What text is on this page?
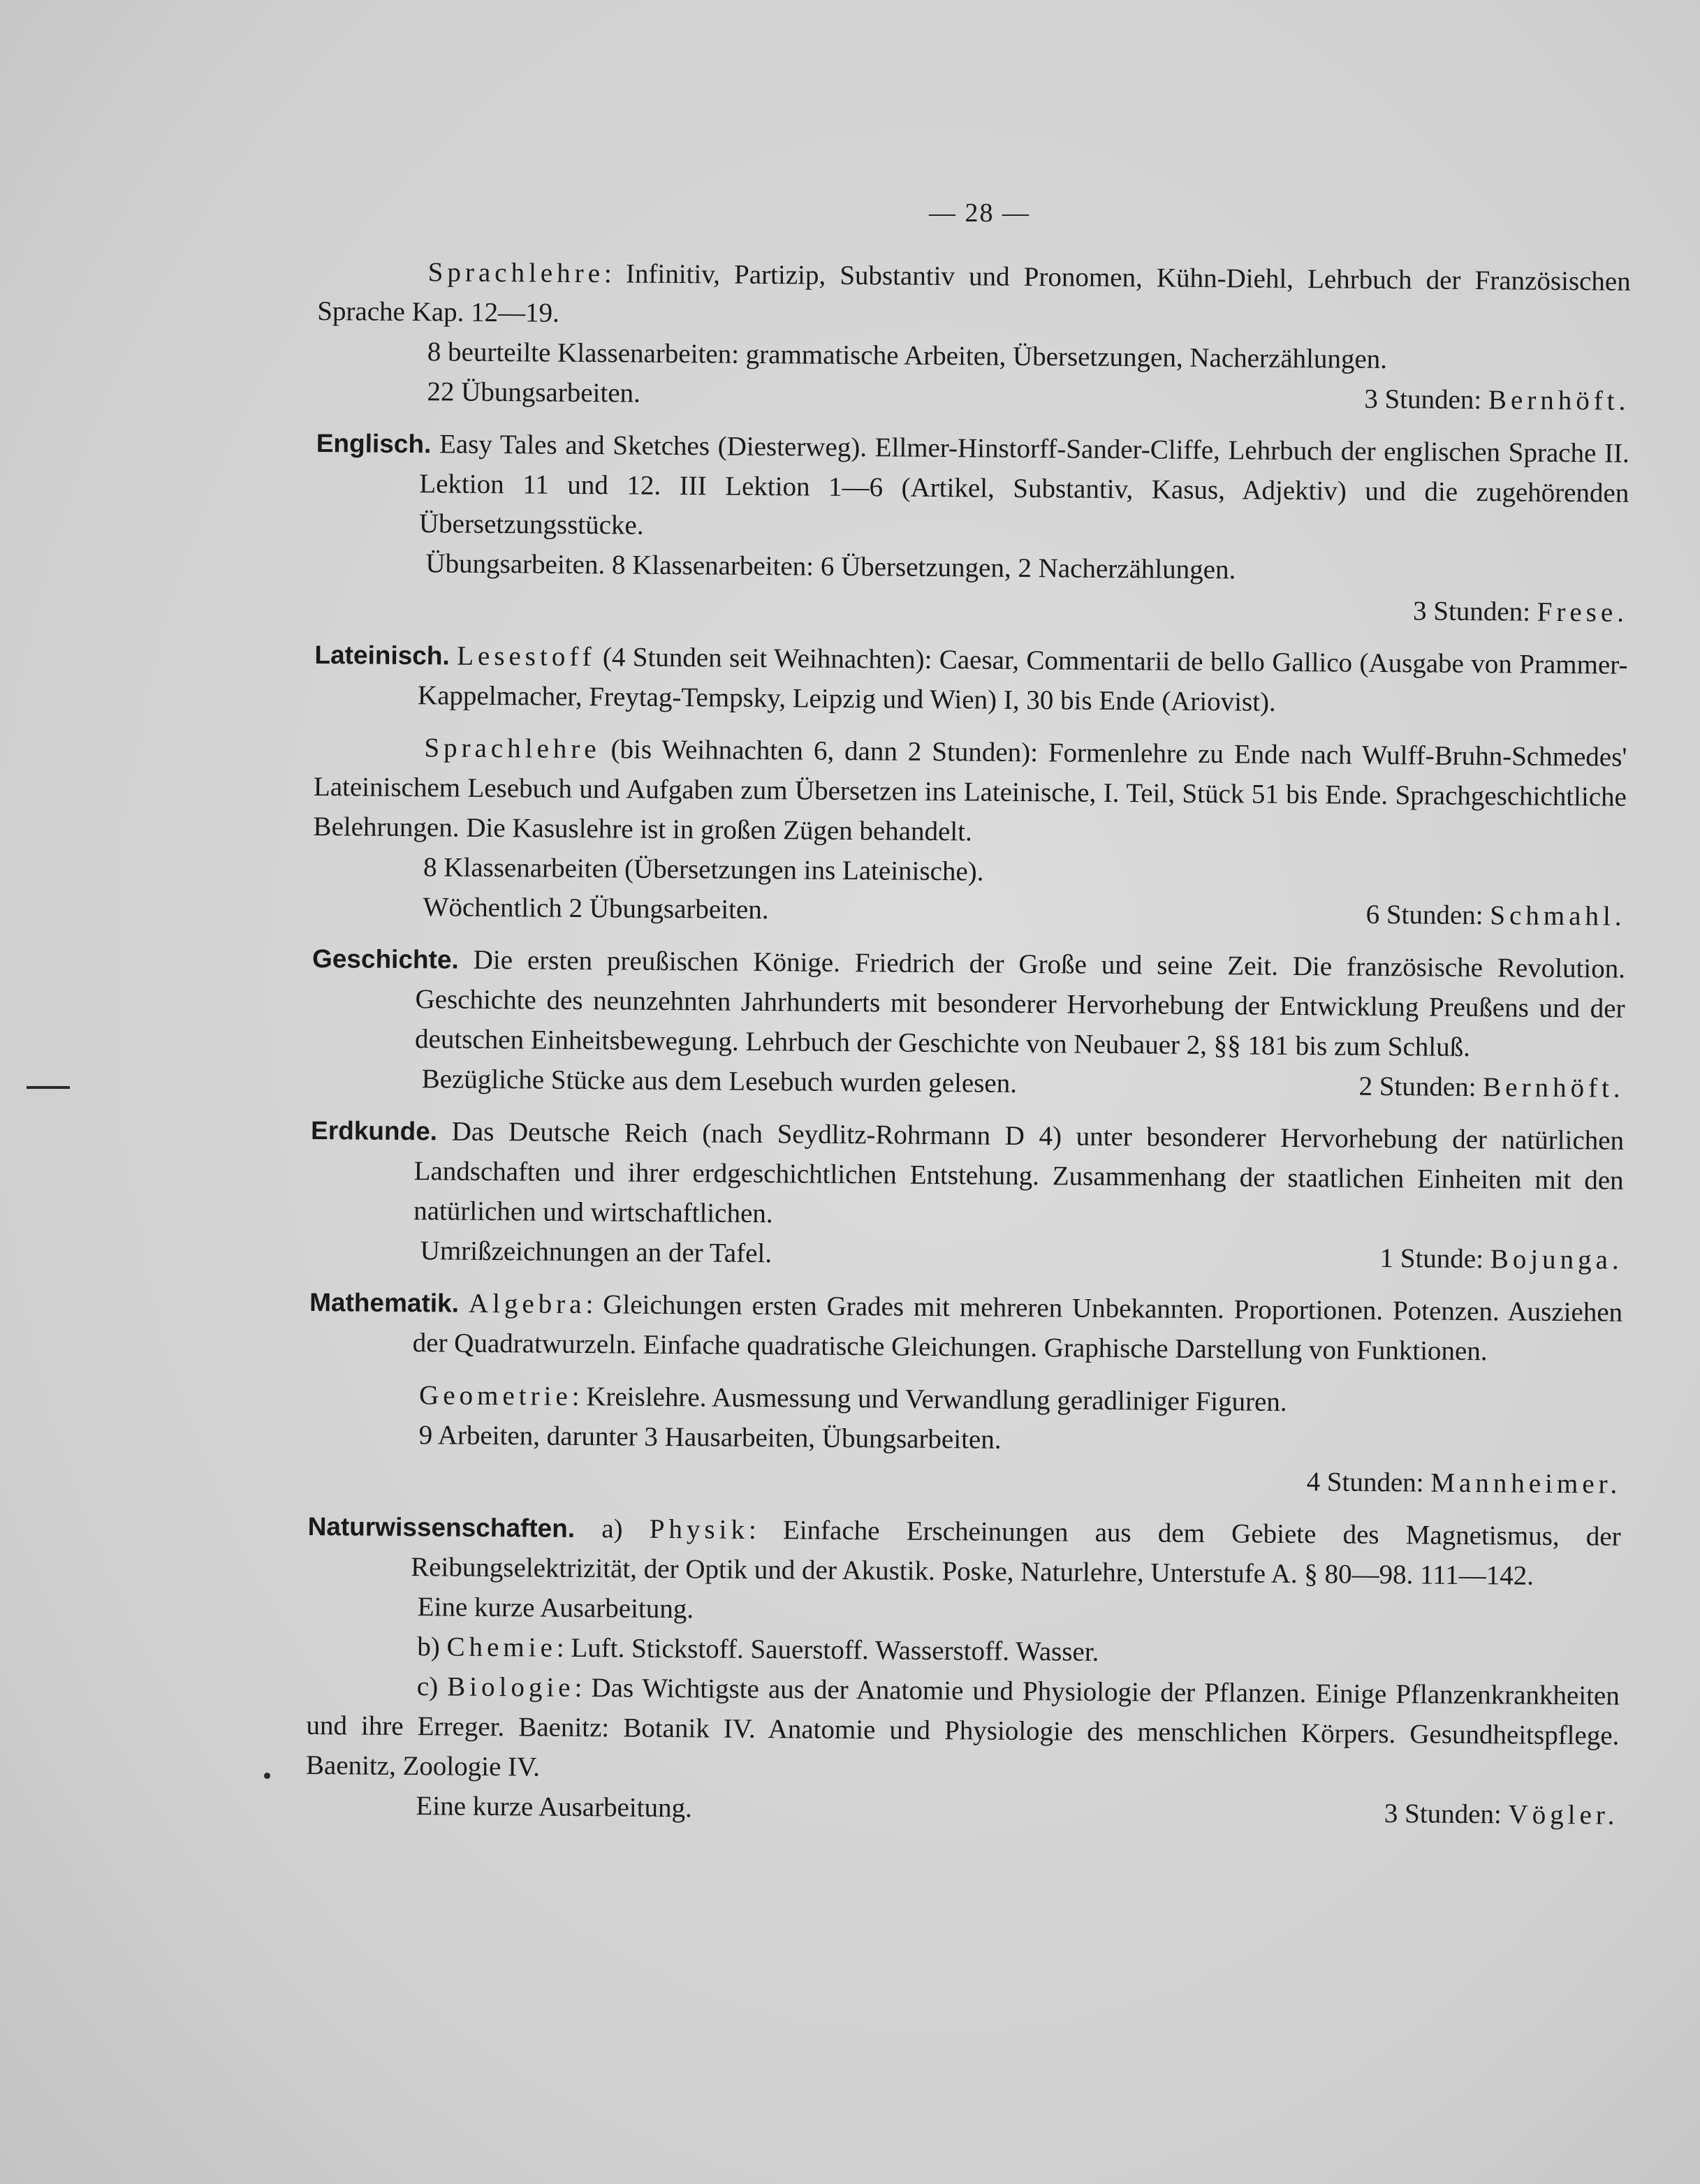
— 28 —
Sprachlehre: Infinitiv, Partizip, Substantiv und Pronomen, Kühn-Diehl, Lehrbuch der Französischen Sprache Kap. 12—19.
8 beurteilte Klassenarbeiten: grammatische Arbeiten, Übersetzungen, Nacherzählungen.
22 Übungsarbeiten.	3 Stunden: Bernhöft.
Englisch. Easy Tales and Sketches (Diesterweg). Ellmer-Hinstorff-Sander-Cliffe, Lehrbuch der englischen Sprache II. Lektion 11 und 12. III Lektion 1—6 (Artikel, Substantiv, Kasus, Adjektiv) und die zugehörenden Übersetzungsstücke.
Übungsarbeiten. 8 Klassenarbeiten: 6 Übersetzungen, 2 Nacherzählungen.
3 Stunden: Frese.
Lateinisch. Lesestoff (4 Stunden seit Weihnachten): Caesar, Commentarii de bello Gallico (Ausgabe von Prammer-Kappelmacher, Freytag-Tempsky, Leipzig und Wien) I, 30 bis Ende (Ariovist).
Sprachlehre (bis Weihnachten 6, dann 2 Stunden): Formenlehre zu Ende nach Wulff-Bruhn-Schmedes' Lateinischem Lesebuch und Aufgaben zum Übersetzen ins Lateinische, I. Teil, Stück 51 bis Ende. Sprachgeschichtliche Belehrungen. Die Kasuslehre ist in großen Zügen behandelt.
8 Klassenarbeiten (Übersetzungen ins Lateinische).
Wöchentlich 2 Übungsarbeiten.	6 Stunden: Schmahl.
Geschichte. Die ersten preußischen Könige. Friedrich der Große und seine Zeit. Die französische Revolution. Geschichte des neunzehnten Jahrhunderts mit besonderer Hervorhebung der Entwicklung Preußens und der deutschen Einheitsbewegung. Lehrbuch der Geschichte von Neubauer 2, §§ 181 bis zum Schluß.
Bezügliche Stücke aus dem Lesebuch wurden gelesen.	2 Stunden: Bernhöft.
Erdkunde. Das Deutsche Reich (nach Seydlitz-Rohrmann D 4) unter besonderer Hervorhebung der natürlichen Landschaften und ihrer erdgeschichtlichen Entstehung. Zusammenhang der staatlichen Einheiten mit den natürlichen und wirtschaftlichen.
Umrißzeichnungen an der Tafel.	1 Stunde: Bojunga.
Mathematik. Algebra: Gleichungen ersten Grades mit mehreren Unbekannten. Proportionen. Potenzen. Ausziehen der Quadratwurzeln. Einfache quadratische Gleichungen. Graphische Darstellung von Funktionen.
Geometrie: Kreislehre. Ausmessung und Verwandlung geradliniger Figuren.
9 Arbeiten, darunter 3 Hausarbeiten, Übungsarbeiten.
4 Stunden: Mannheimer.
Naturwissenschaften. a) Physik: Einfache Erscheinungen aus dem Gebiete des Magnetismus, der Reibungselektrizität, der Optik und der Akustik. Poske, Naturlehre, Unterstufe A. § 80—98. 111—142.
Eine kurze Ausarbeitung.
b) Chemie: Luft. Stickstoff. Sauerstoff. Wasserstoff. Wasser.
c) Biologie: Das Wichtigste aus der Anatomie und Physiologie der Pflanzen. Einige Pflanzenkrankheiten und ihre Erreger. Baenitz: Botanik IV. Anatomie und Physiologie des menschlichen Körpers. Gesundheitspflege. Baenitz, Zoologie IV.
Eine kurze Ausarbeitung.	3 Stunden: Vögler.
